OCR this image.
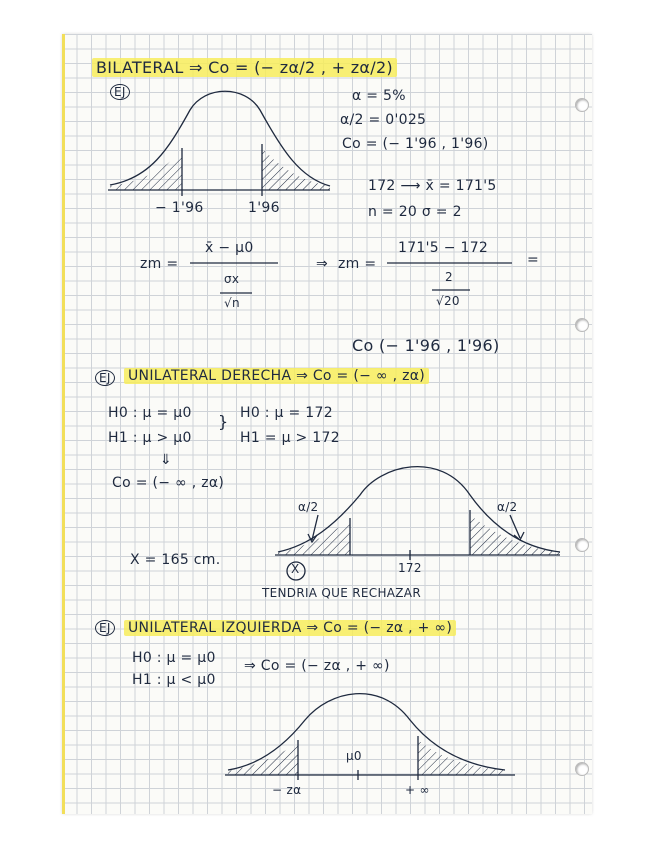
BILATERAL ⇒ Co = (− zα/2 , + zα/2)
EJ	α = 5%
α/2 = 0'025
Co = (− 1'96 , 1'96)
− 1'96	1'96
172 ⟶ x̄ = 171'5
n = 20 σ = 2
zm =
x̄ − μ0
σx
√n
⇒ zm =
171'5 − 172
2
√20
=
Co (− 1'96 , 1'96)
EJ UNILATERAL DERECHA ⇒ Co = (− ∞ , zα)
H0 : μ = μ0
H1 : μ > μ0
} H0 : μ = 172
H1 = μ > 172
⇓
Co = (− ∞ , zα)
α/2	α/2
X = 165 cm.	172
X̄
TENDRIA QUE RECHAZAR
EJ UNILATERAL IZQUIERDA ⇒ Co = (− zα , + ∞)
H0 : μ = μ0
H1 : μ < μ0
⇒ Co = (− zα , + ∞)
μ0
− zα	+ ∞
